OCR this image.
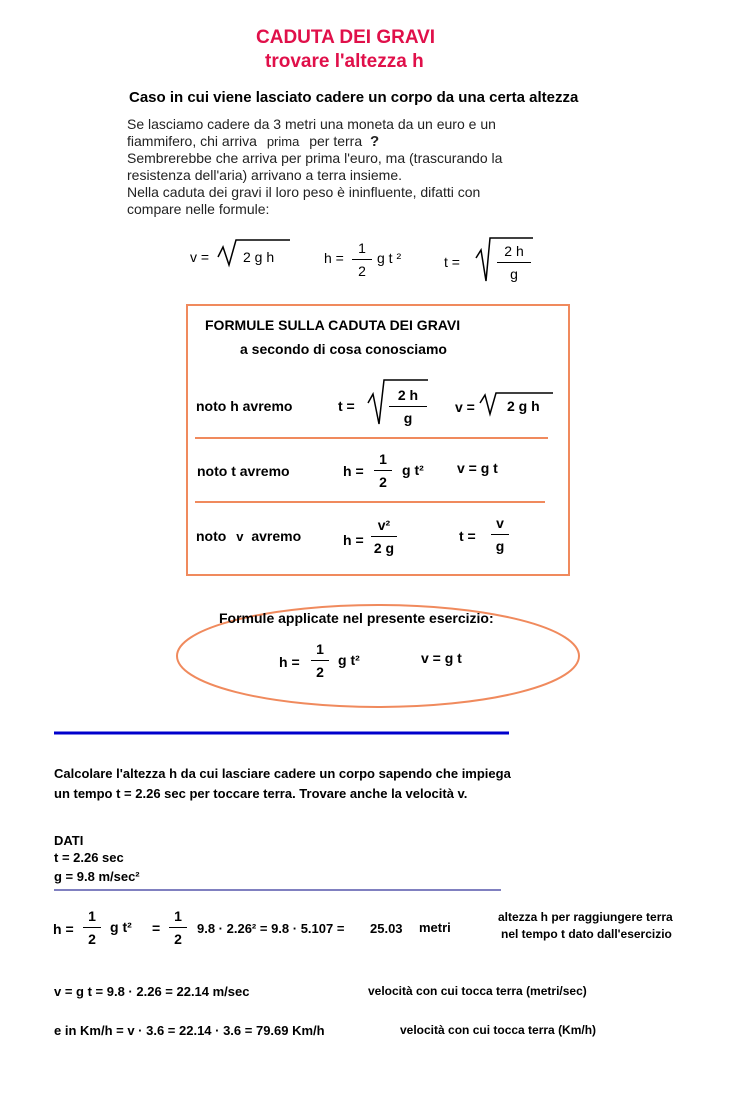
CADUTA DEI GRAVI
trovare l'altezza h
Caso in cui viene lasciato cadere un corpo da una certa altezza
Se lasciamo cadere da 3 metri una moneta da un euro e un
fiammifero, chi arriva prima per terra ?
Sembrerebbe che arriva per prima l'euro, ma (trascurando la
resistenza dell'aria) arrivano a terra insieme.
Nella caduta dei gravi il loro peso è ininfluente, difatti con
compare nelle formule:
v = 2 g h	h =
1
2
g t ²	t =
2 h
g
FORMULE SULLA CADUTA DEI GRAVI
a secondo di cosa conosciamo
noto h avremo	t =
2 h
g
v = 2 g h
noto t avremo	h =
1
2
g t² v = g t
noto v avremo	h =
v²
2 g
t =
v
g
Formule applicate nel presente esercizio:
h =
1
2
g t²	v = g t
Calcolare l'altezza h da cui lasciare cadere un corpo sapendo che impiega
un tempo t = 2.26 sec per toccare terra. Trovare anche la velocità v.
DATI
t = 2.26 sec
g = 9.8 m/sec²
h =
1
2
g t² =
1
2
9.8 · 2.26² = 9.8 · 5.107 = 25.03 metri
altezza h per raggiungere terra
nel tempo t dato dall'esercizio
v = g t = 9.8 · 2.26 = 22.14 m/sec	velocità con cui tocca terra (metri/sec)
e in Km/h = v · 3.6 = 22.14 · 3.6 = 79.69 Km/h	velocità con cui tocca terra (Km/h)
